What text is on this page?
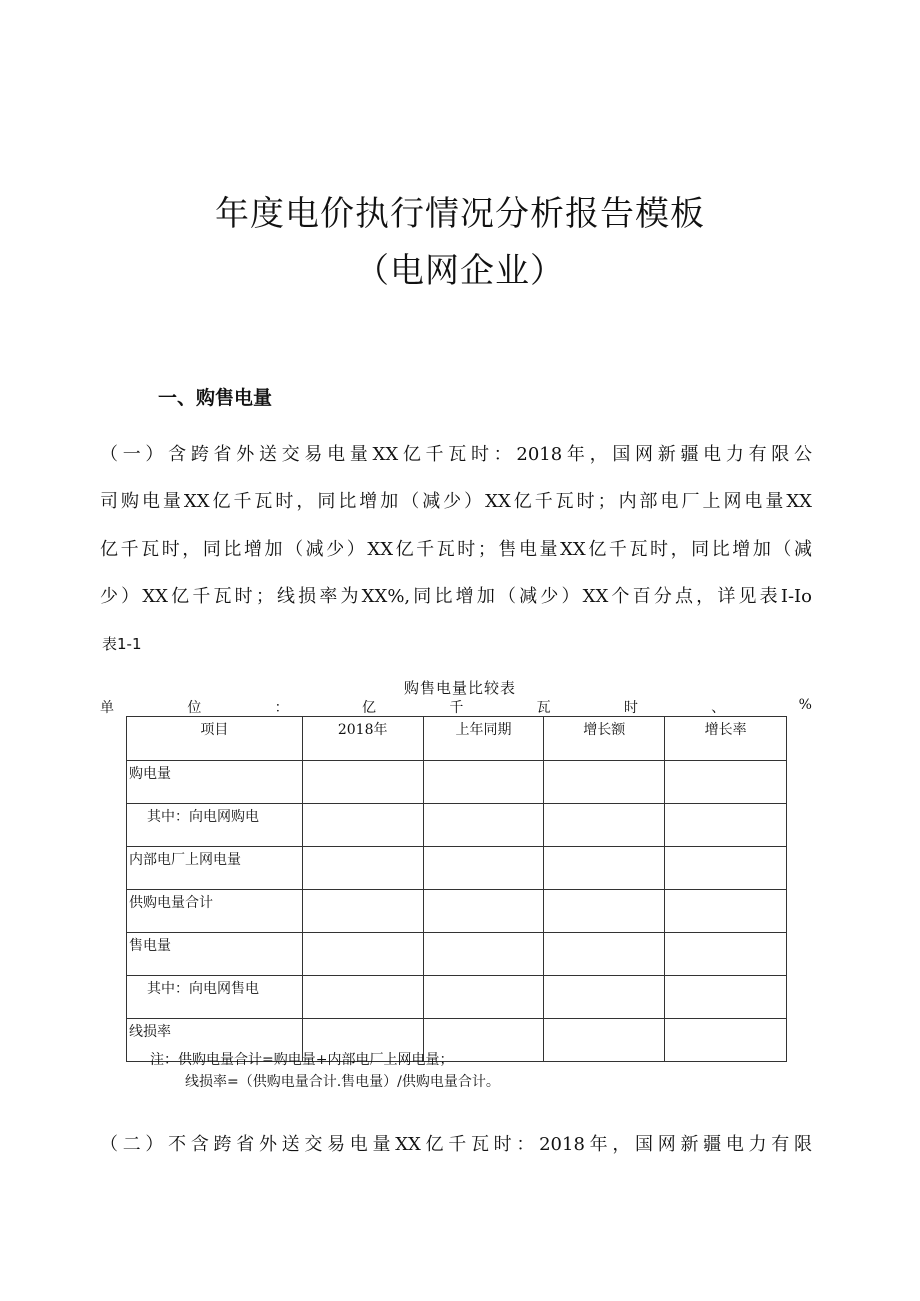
年度电价执行情况分析报告模板
（电网企业）
一、购售电量
（一）含跨省外送交易电量XX亿千瓦时：2018年，国网新疆电力有限公
司购电量XX亿千瓦时，同比增加（减少）XX亿千瓦时；内部电厂上网电量XX
亿千瓦时，同比增加（减少）XX亿千瓦时；售电量XX亿千瓦时，同比增加（减
少）XX亿千瓦时；线损率为XX%,同比增加（减少）XX个百分点，详见表I-Io
表1-1
购售电量比较表
单	位	：	亿	千	瓦	时	、	%
项目	2018年	上年同期	增长额	增长率
购电量				
其中：向电网购电				
内部电厂上网电量				
供购电量合计				
售电量				
其中：向电网售电				
线损率				
注：供购电量合计=购电量+内部电厂上网电量；
线损率=（供购电量合计.售电量）/供购电量合计。
（二）不含跨省外送交易电量XX亿千瓦时：2018年，国网新疆电力有限
